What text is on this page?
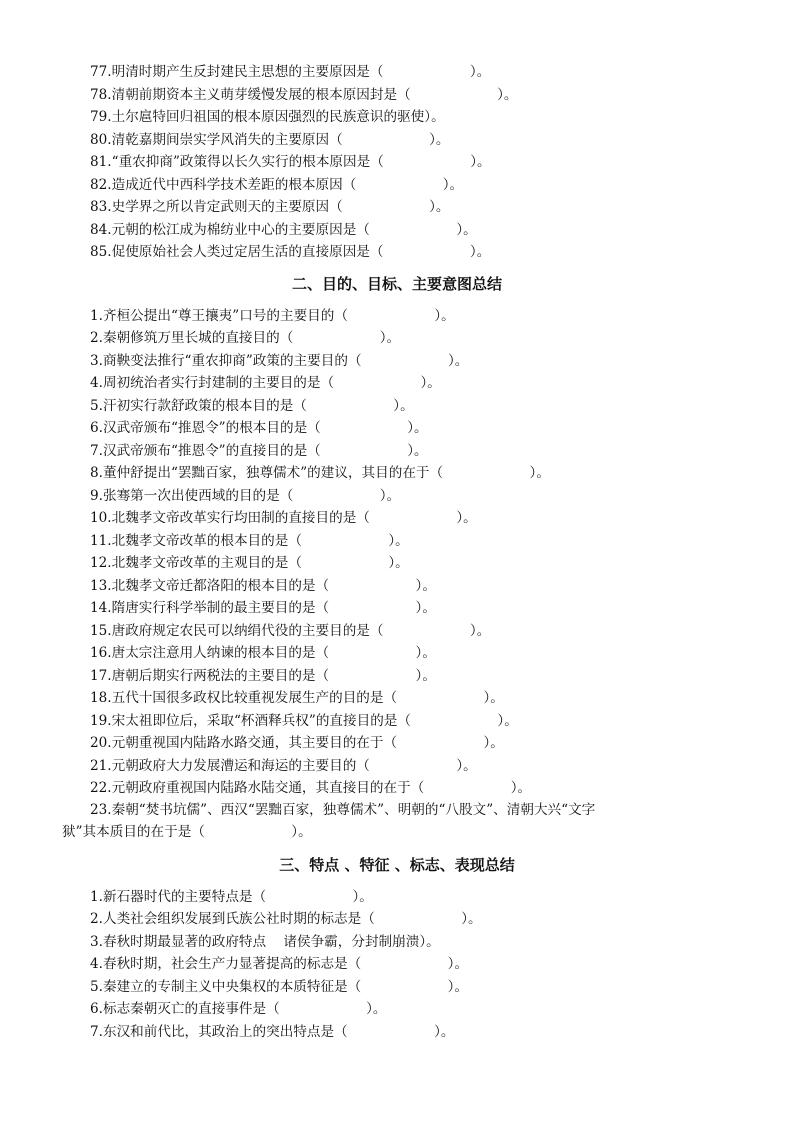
77.明清时期产生反封建民主思想的主要原因是（                    ）。
78.清朝前期资本主义萌芽缓慢发展的根本原因封是（                    ）。
79.土尔扈特回归祖国的根本原因强烈的民族意识的驱使）。
80.清乾嘉期间崇实学风消失的主要原因（                    ）。
81.“重农抑商”政策得以长久实行的根本原因是（                    ）。
82.造成近代中西科学技术差距的根本原因（                    ）。
83.史学界之所以肯定武则天的主要原因（                    ）。
84.元朝的松江成为棉纺业中心的主要原因是（                    ）。
85.促使原始社会人类过定居生活的直接原因是（                    ）。
二、目的、目标、主要意图总结
1.齐桓公提出“尊王攘夷”口号的主要目的（                    ）。
2.秦朝修筑万里长城的直接目的（                    ）。
3.商鞅变法推行“重农抑商”政策的主要目的（                    ）。
4.周初统治者实行封建制的主要目的是（                    ）。
5.汗初实行款舒政策的根本目的是（                    ）。
6.汉武帝颁布“推恩令”的根本目的是（                    ）。
7.汉武帝颁布“推恩令”的直接目的是（                    ）。
8.董仲舒提出“罢黜百家，独尊儒术”的建议，其目的在于（                    ）。
9.张骞第一次出使西域的目的是（                    ）。
10.北魏孝文帝改革实行均田制的直接目的是（                    ）。
11.北魏孝文帝改革的根本目的是（                    ）。
12.北魏孝文帝改革的主观目的是（                    ）。
13.北魏孝文帝迁都洛阳的根本目的是（                    ）。
14.隋唐实行科学举制的最主要目的是（                    ）。
15.唐政府规定农民可以纳绢代役的主要目的是（                    ）。
16.唐太宗注意用人纳谏的根本目的是（                    ）。
17.唐朝后期实行两税法的主要目的是（                    ）。
18.五代十国很多政权比较重视发展生产的目的是（                    ）。
19.宋太祖即位后，采取“杯酒释兵权”的直接目的是（                    ）。
20.元朝重视国内陆路水路交通，其主要目的在于（                    ）。
21.元朝政府大力发展漕运和海运的主要目的（                    ）。
22.元朝政府重视国内陆路水陆交通，其直接目的在于（                    ）。
23.秦朝“焚书坑儒”、西汉“罢黜百家，独尊儒术”、明朝的“八股文”、清朝大兴“文字
狱”其本质目的在于是（                    ）。
三、特点 、特征 、标志、表现总结
1.新石器时代的主要特点是（                    ）。
2.人类社会组织发展到氏族公社时期的标志是（                    ）。
3.春秋时期最显著的政府特点    诸侯争霸，分封制崩溃）。
4.春秋时期，社会生产力显著提高的标志是（                    ）。
5.秦建立的专制主义中央集权的本质特征是（                    ）。
6.标志秦朝灭亡的直接事件是（                    ）。
7.东汉和前代比，其政治上的突出特点是（                    ）。
